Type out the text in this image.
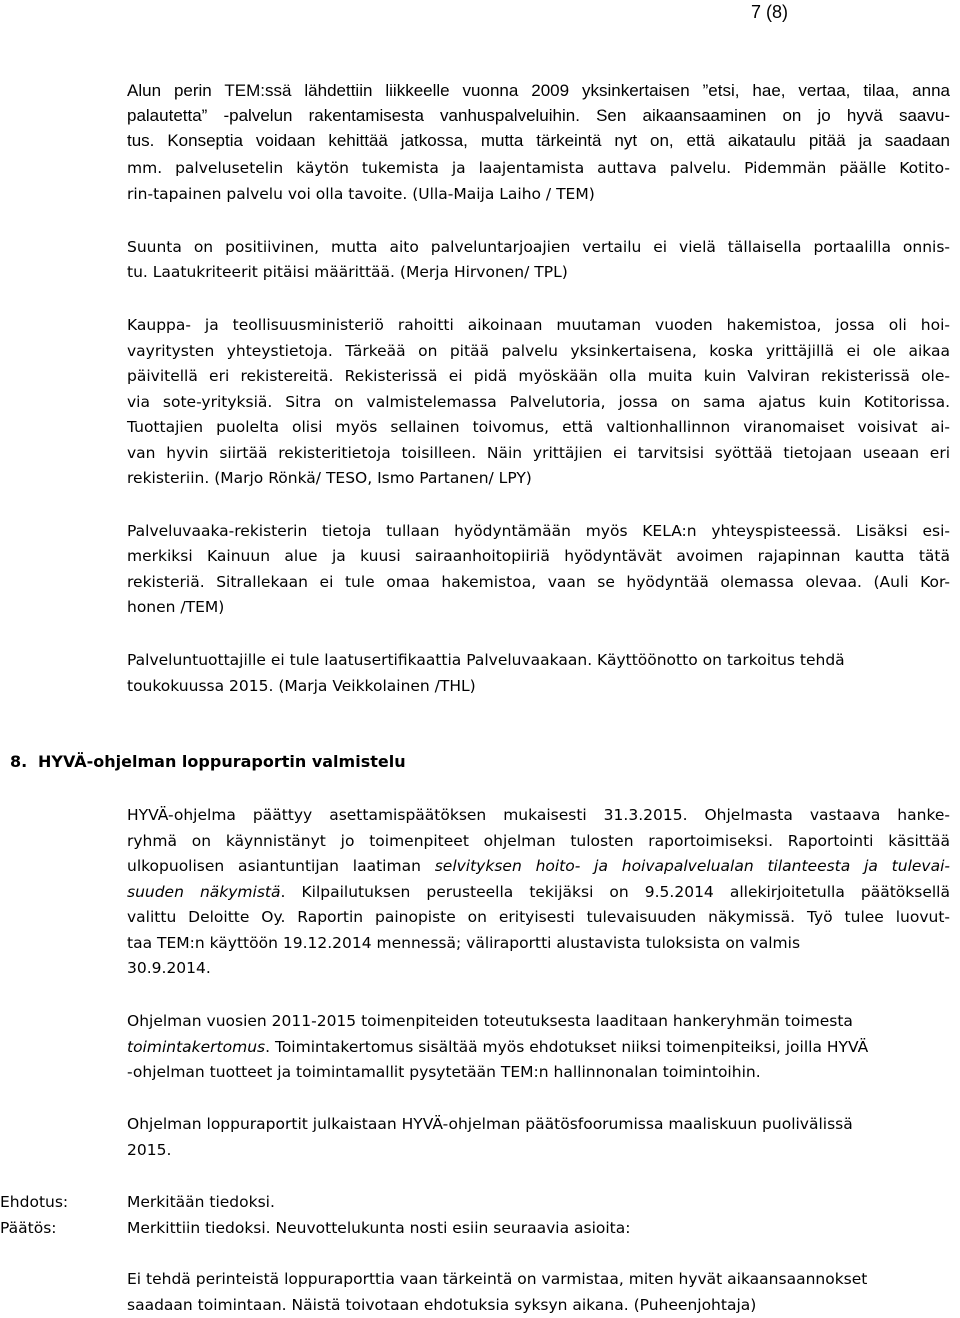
7 (8)
Alun perin TEM:ssä lähdettiin liikkeelle vuonna 2009 yksinkertaisen ”etsi, hae, vertaa, tilaa, anna
palautetta” -palvelun rakentamisesta vanhuspalveluihin. Sen aikaansaaminen on jo hyvä saavu-
tus. Konseptia voidaan kehittää jatkossa, mutta tärkeintä nyt on, että aikataulu pitää ja saadaan
mm. palvelusetelin käytön tukemista ja laajentamista auttava palvelu. Pidemmän päälle Kotito-
rin-tapainen palvelu voi olla tavoite. (Ulla-Maija Laiho / TEM)
Suunta on positiivinen, mutta aito palveluntarjoajien vertailu ei vielä tällaisella portaalilla onnis-
tu. Laatukriteerit pitäisi määrittää. (Merja Hirvonen/ TPL)
Kauppa- ja teollisuusministeriö rahoitti aikoinaan muutaman vuoden hakemistoa, jossa oli hoi-
vayritysten yhteystietoja. Tärkeää on pitää palvelu yksinkertaisena, koska yrittäjillä ei ole aikaa
päivitellä eri rekistereitä. Rekisterissä ei pidä myöskään olla muita kuin Valviran rekisterissä ole-
via sote-yrityksiä. Sitra on valmistelemassa Palvelutoria, jossa on sama ajatus kuin Kotitorissa.
Tuottajien puolelta olisi myös sellainen toivomus, että valtionhallinnon viranomaiset voisivat ai-
van hyvin siirtää rekisteritietoja toisilleen. Näin yrittäjien ei tarvitsisi syöttää tietojaan useaan eri
rekisteriin. (Marjo Rönkä/ TESO, Ismo Partanen/ LPY)
Palveluvaaka-rekisterin tietoja tullaan hyödyntämään myös KELA:n yhteyspisteessä. Lisäksi esi-
merkiksi Kainuun alue ja kuusi sairaanhoitopiiriä hyödyntävät avoimen rajapinnan kautta tätä
rekisteriä. Sitrallekaan ei tule omaa hakemistoa, vaan se hyödyntää olemassa olevaa. (Auli Kor-
honen /TEM)
Palveluntuottajille ei tule laatusertifikaattia Palveluvaakaan. Käyttöönotto on tarkoitus tehdä
toukokuussa 2015. (Marja Veikkolainen /THL)
8. HYVÄ-ohjelman loppuraportin valmistelu
HYVÄ-ohjelma päättyy asettamispäätöksen mukaisesti 31.3.2015. Ohjelmasta vastaava hanke-
ryhmä on käynnistänyt jo toimenpiteet ohjelman tulosten raportoimiseksi. Raportointi käsittää
ulkopuolisen asiantuntijan laatiman selvityksen hoito- ja hoivapalvelualan tilanteesta ja tulevai-
suuden näkymistä. Kilpailutuksen perusteella tekijäksi on 9.5.2014 allekirjoitetulla päätöksellä
valittu Deloitte Oy. Raportin painopiste on erityisesti tulevaisuuden näkymissä. Työ tulee luovut-
taa TEM:n käyttöön 19.12.2014 mennessä; väliraportti alustavista tuloksista on valmis
30.9.2014.
Ohjelman vuosien 2011-2015 toimenpiteiden toteutuksesta laaditaan hankeryhmän toimesta
toimintakertomus. Toimintakertomus sisältää myös ehdotukset niiksi toimenpiteiksi, joilla HYVÄ
-ohjelman tuotteet ja toimintamallit pysytetään TEM:n hallinnonalan toimintoihin.
Ohjelman loppuraportit julkaistaan HYVÄ-ohjelman päätösfoorumissa maaliskuun puolivälissä
2015.
Ehdotus:	Merkitään tiedoksi.
Päätös:	Merkittiin tiedoksi. Neuvottelukunta nosti esiin seuraavia asioita:
Ei tehdä perinteistä loppuraporttia vaan tärkeintä on varmistaa, miten hyvät aikaansaannokset
saadaan toimintaan. Näistä toivotaan ehdotuksia syksyn aikana. (Puheenjohtaja)
